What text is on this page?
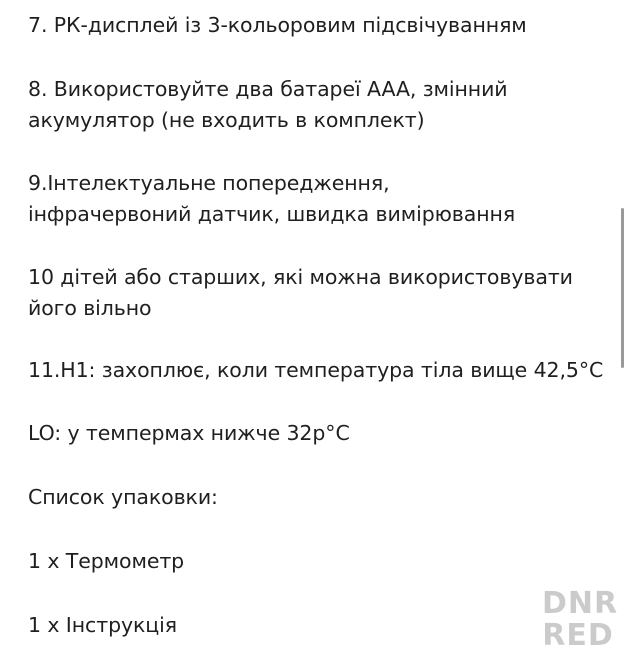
7. РК-дисплей із 3-кольоровим підсвічуванням

8. Використовуйте два батареї AAA, змінний акумулятор (не входить в комплект)

9.Інтелектуальне попередження, інфрачервоний датчик, швидка вимірювання

10 дітей або старших, які можна використовувати його вільно

11.H1: захоплює, коли температура тіла вище 42,5°C

LO: у темпермах нижче 32р°C

Список упаковки:

1 x Термометр

1 x Інструкція

DNR
RED
